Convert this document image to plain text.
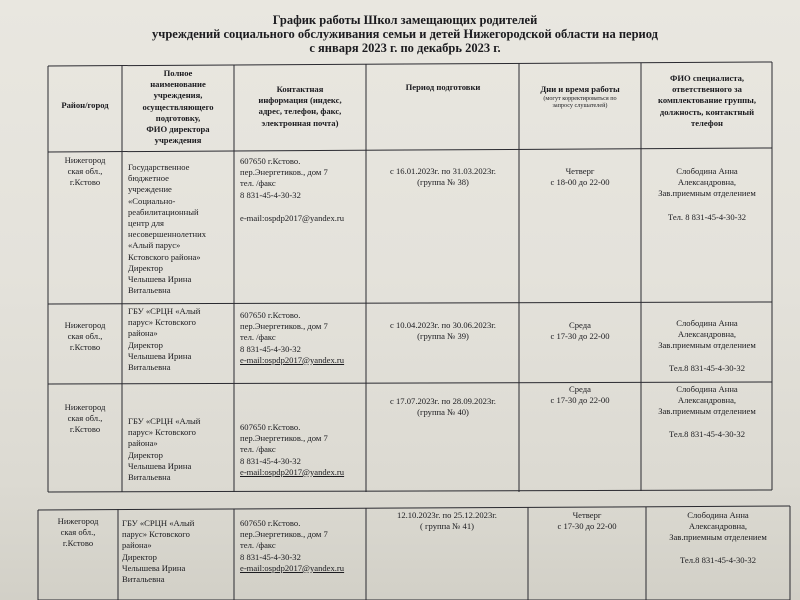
График работы Школ замещающих родителей
учреждений социального обслуживания семьи и детей Нижегородской области на период
с января 2023 г. по декабрь 2023 г.
Район/город
Полное
наименование
учреждения,
осуществляющего
подготовку,
ФИО директора
учреждения
Контактная
информация (индекс,
адрес, телефон, факс,
электронная почта)
Период подготовки	Дни и время работы
(могут корректироваться по
запросу слушателей)
ФИО специалиста,
ответственного за
комплектование группы,
должность, контактный
телефон
Нижегород
ская обл.,
г.Кстово
Государственное
бюджетное
учреждение
«Социально-
реабилитационный
центр для
несовершеннолетних
«Алый парус»
Кстовского района»
Директор
Челышева Ирина
Витальевна
607650 г.Кстово.
пер.Энергетиков., дом 7
тел. /факс
8 831-45-4-30-32
e-mail:ospdp2017@yandex.ru
с 16.01.2023г. по 31.03.2023г.
(группа № 38)
Четверг
с 18-00 до 22-00
Слободина Анна
Александровна,
Зав.приемным отделением
Тел. 8 831-45-4-30-32
Нижегород
ская обл.,
г.Кстово
ГБУ «СРЦН «Алый
парус» Кстовского
района»
Директор
Челышева Ирина
Витальевна
607650 г.Кстово.
пер.Энергетиков., дом 7
тел. /факс
8 831-45-4-30-32
e-mail:ospdp2017@yandex.ru
с 10.04.2023г. по 30.06.2023г.
(группа № 39)
Среда
с 17-30 до 22-00
Слободина Анна
Александровна,
Зав.приемным отделением
Тел.8 831-45-4-30-32
Нижегород
ская обл.,
г.Кстово
ГБУ «СРЦН «Алый
парус» Кстовского
района»
Директор
Челышева Ирина
Витальевна
607650 г.Кстово.
пер.Энергетиков., дом 7
тел. /факс
8 831-45-4-30-32
e-mail:ospdp2017@yandex.ru
с 17.07.2023г. по 28.09.2023г.
(группа № 40)
Среда
с 17-30 до 22-00
Слободина Анна
Александровна,
Зав.приемным отделением
Тел.8 831-45-4-30-32
Нижегород
ская обл.,
г.Кстово
ГБУ «СРЦН «Алый
парус» Кстовского
района»
Директор
Челышева Ирина
Витальевна
607650 г.Кстово.
пер.Энергетиков., дом 7
тел. /факс
8 831-45-4-30-32
e-mail:ospdp2017@yandex.ru
12.10.2023г. по 25.12.2023г.
( группа № 41)
Четверг
с 17-30 до 22-00
Слободина Анна
Александровна,
Зав.приемным отделением
Тел.8 831-45-4-30-32
